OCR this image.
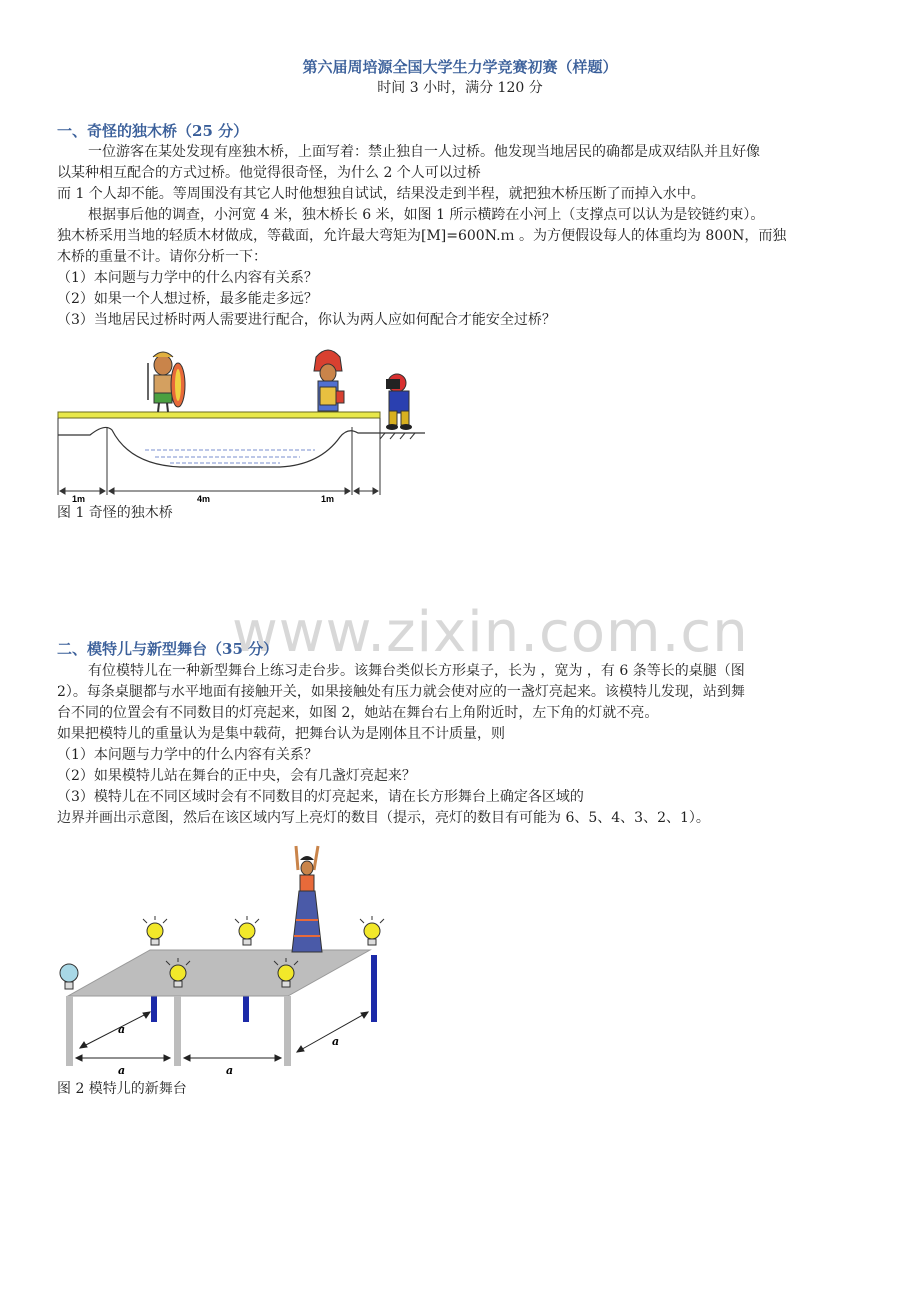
第六届周培源全国大学生力学竞赛初赛（样题）
时间 3 小时，满分 120 分
一、奇怪的独木桥（25 分）
一位游客在某处发现有座独木桥，上面写着：禁止独自一人过桥。他发现当地居民的确都是成双结队并且好像
以某种相互配合的方式过桥。他觉得很奇怪，为什么 2 个人可以过桥
而 1 个人却不能。等周围没有其它人时他想独自试试，结果没走到半程，就把独木桥压断了而掉入水中。
根据事后他的调查，小河宽 4 米，独木桥长 6 米，如图 1 所示横跨在小河上（支撑点可以认为是铰链约束）。
独木桥采用当地的轻质木材做成，等截面，允许最大弯矩为[M]=600N.ｍ 。为方便假设每人的体重均为 800N，而独
木桥的重量不计。请你分析一下：
（1）本问题与力学中的什么内容有关系？
（2）如果一个人想过桥，最多能走多远？
（3）当地居民过桥时两人需要进行配合，你认为两人应如何配合才能安全过桥？
1m	4m	1m
图 1 奇怪的独木桥
www.zixin.com.cn
二、模特儿与新型舞台（35 分）
有位模特儿在一种新型舞台上练习走台步。该舞台类似长方形桌子，长为 ，宽为 ，有 6 条等长的桌腿（图
2）。每条桌腿都与水平地面有接触开关，如果接触处有压力就会使对应的一盏灯亮起来。该模特儿发现，站到舞
台不同的位置会有不同数目的灯亮起来，如图 2，她站在舞台右上角附近时，左下角的灯就不亮。
如果把模特儿的重量认为是集中载荷，把舞台认为是刚体且不计质量，则
（1）本问题与力学中的什么内容有关系？
（2）如果模特儿站在舞台的正中央，会有几盏灯亮起来？
（3）模特儿在不同区域时会有不同数目的灯亮起来，请在长方形舞台上确定各区域的
边界并画出示意图，然后在该区域内写上亮灯的数目（提示，亮灯的数目有可能为 6、5、4、3、2、1）。
a	a
a
a
图 2 模特儿的新舞台
